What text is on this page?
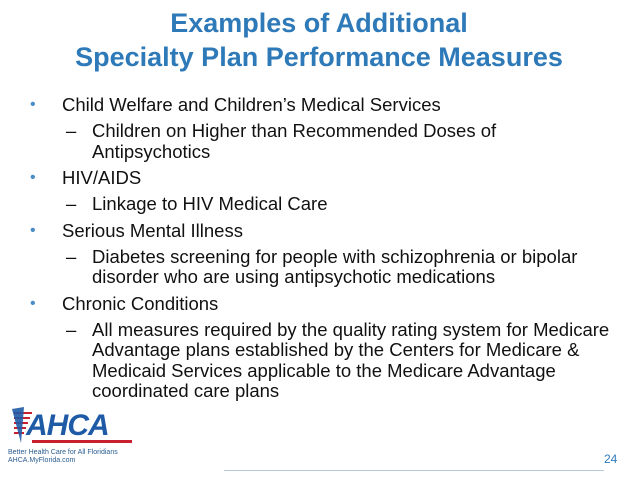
Examples of Additional
Specialty Plan Performance Measures
• Child Welfare and Children’s Medical Services
– Children on Higher than Recommended Doses of Antipsychotics
• HIV/AIDS
– Linkage to HIV Medical Care
• Serious Mental Illness
– Diabetes screening for people with schizophrenia or bipolar disorder who are using antipsychotic medications
• Chronic Conditions
– All measures required by the quality rating system for Medicare Advantage plans established by the Centers for Medicare & Medicaid Services applicable to the Medicare Advantage coordinated care plans
AHCA
Better Health Care for All Floridians
AHCA.MyFlorida.com	24
